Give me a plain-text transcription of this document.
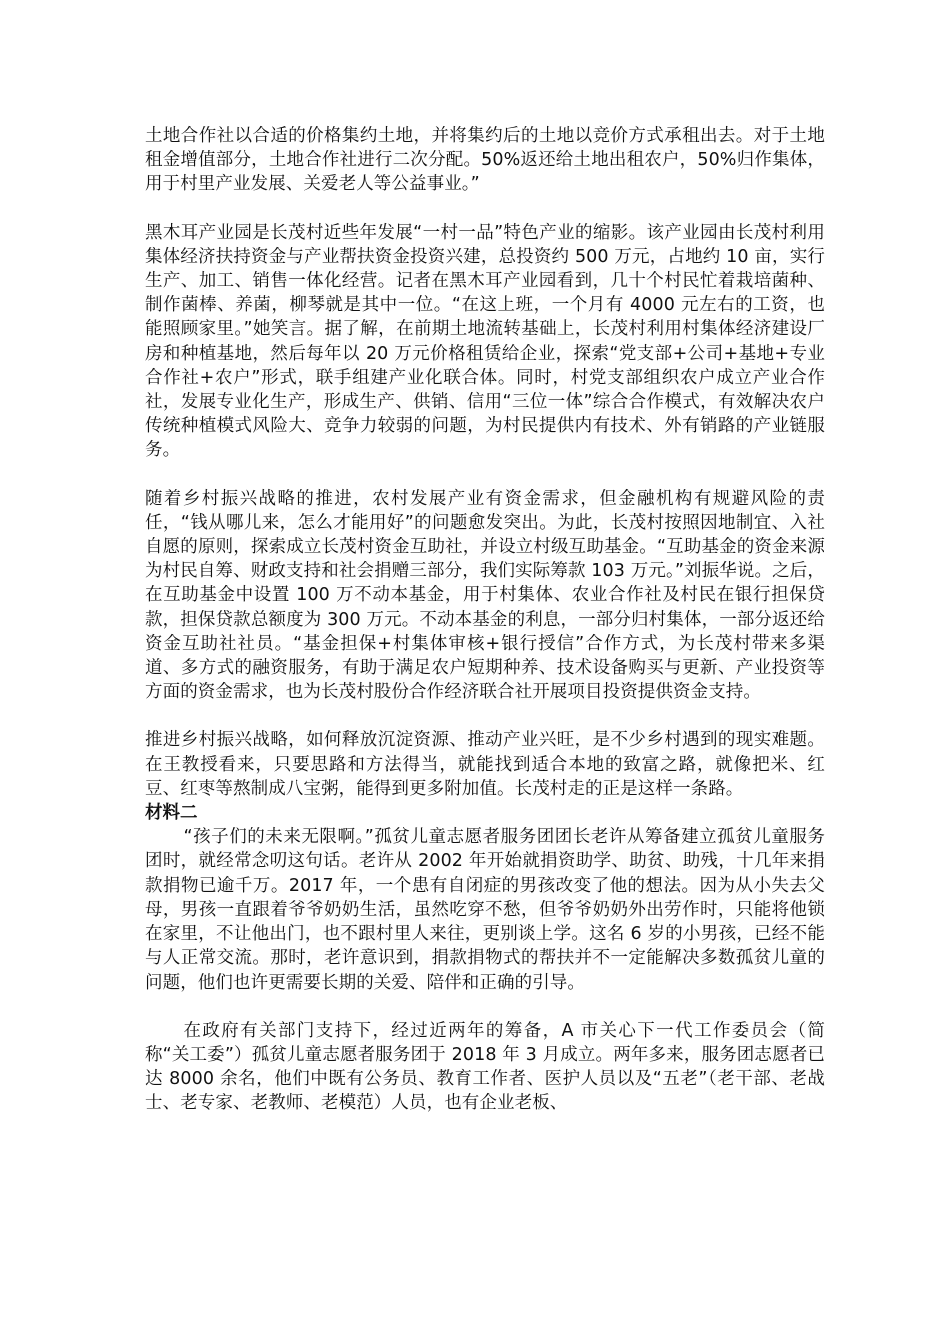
土地合作社以合适的价格集约土地，并将集约后的土地以竞价方式承租出去。对于土地租金增值部分，土地合作社进行二次分配。50%返还给土地出租农户，50%归作集体，用于村里产业发展、关爱老人等公益事业。”

黑木耳产业园是长茂村近些年发展“一村一品”特色产业的缩影。该产业园由长茂村利用集体经济扶持资金与产业帮扶资金投资兴建，总投资约 500 万元，占地约 10 亩，实行生产、加工、销售一体化经营。记者在黑木耳产业园看到，几十个村民忙着栽培菌种、制作菌棒、养菌，柳琴就是其中一位。“在这上班，一个月有 4000 元左右的工资，也能照顾家里。”她笑言。据了解，在前期土地流转基础上，长茂村利用村集体经济建设厂房和种植基地，然后每年以 20 万元价格租赁给企业，探索“党支部+公司+基地+专业合作社+农户”形式，联手组建产业化联合体。同时，村党支部组织农户成立产业合作社，发展专业化生产，形成生产、供销、信用“三位一体”综合合作模式，有效解决农户传统种植模式风险大、竞争力较弱的问题，为村民提供内有技术、外有销路的产业链服务。

随着乡村振兴战略的推进，农村发展产业有资金需求，但金融机构有规避风险的责任，“钱从哪儿来，怎么才能用好”的问题愈发突出。为此，长茂村按照因地制宜、入社自愿的原则，探索成立长茂村资金互助社，并设立村级互助基金。“互助基金的资金来源为村民自筹、财政支持和社会捐赠三部分，我们实际筹款 103 万元。”刘振华说。之后，在互助基金中设置 100 万不动本基金，用于村集体、农业合作社及村民在银行担保贷款，担保贷款总额度为 300 万元。不动本基金的利息，一部分归村集体，一部分返还给资金互助社社员。“基金担保+村集体审核+银行授信”合作方式，为长茂村带来多渠道、多方式的融资服务，有助于满足农户短期种养、技术设备购买与更新、产业投资等方面的资金需求，也为长茂村股份合作经济联合社开展项目投资提供资金支持。

推进乡村振兴战略，如何释放沉淀资源、推动产业兴旺，是不少乡村遇到的现实难题。在王教授看来，只要思路和方法得当，就能找到适合本地的致富之路，就像把米、红豆、红枣等熬制成八宝粥，能得到更多附加值。长茂村走的正是这样一条路。

材料二

“孩子们的未来无限啊。”孤贫儿童志愿者服务团团长老许从筹备建立孤贫儿童服务团时，就经常念叨这句话。老许从 2002 年开始就捐资助学、助贫、助残，十几年来捐款捐物已逾千万。2017 年，一个患有自闭症的男孩改变了他的想法。因为从小失去父母，男孩一直跟着爷爷奶奶生活，虽然吃穿不愁，但爷爷奶奶外出劳作时，只能将他锁在家里，不让他出门，也不跟村里人来往，更别谈上学。这名 6 岁的小男孩，已经不能与人正常交流。那时，老许意识到，捐款捐物式的帮扶并不一定能解决多数孤贫儿童的问题，他们也许更需要长期的关爱、陪伴和正确的引导。

在政府有关部门支持下，经过近两年的筹备，A 市关心下一代工作委员会（简称“关工委”）孤贫儿童志愿者服务团于 2018 年 3 月成立。两年多来，服务团志愿者已达 8000 余名，他们中既有公务员、教育工作者、医护人员以及“五老”（老干部、老战士、老专家、老教师、老模范）人员，也有企业老板、
